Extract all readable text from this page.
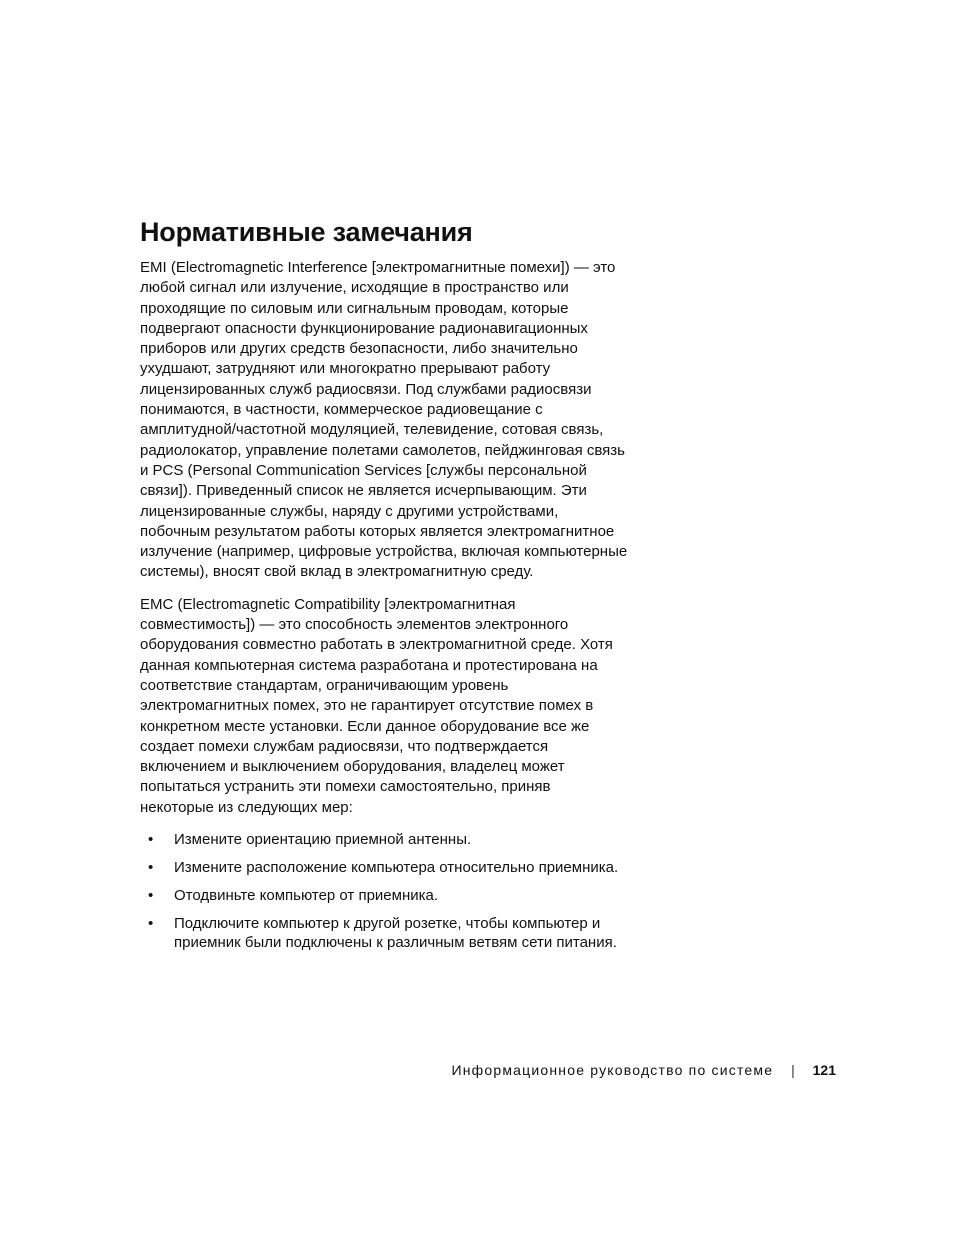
Нормативные замечания

EMI (Electromagnetic Interference [электромагнитные помехи]) — это любой сигнал или излучение, исходящие в пространство или проходящие по силовым или сигнальным проводам, которые подвергают опасности функционирование радионавигационных приборов или других средств безопасности, либо значительно ухудшают, затрудняют или многократно прерывают работу лицензированных служб радиосвязи. Под службами радиосвязи понимаются, в частности, коммерческое радиовещание с амплитудной/частотной модуляцией, телевидение, сотовая связь, радиолокатор, управление полетами самолетов, пейджинговая связь и PCS (Personal Communication Services [службы персональной связи]). Приведенный список не является исчерпывающим. Эти лицензированные службы, наряду с другими устройствами, побочным результатом работы которых является электромагнитное излучение (например, цифровые устройства, включая компьютерные системы), вносят свой вклад в электромагнитную среду.

EMC (Electromagnetic Compatibility [электромагнитная совместимость]) — это способность элементов электронного оборудования совместно работать в электромагнитной среде. Хотя данная компьютерная система разработана и протестирована на соответствие стандартам, ограничивающим уровень электромагнитных помех, это не гарантирует отсутствие помех в конкретном месте установки. Если данное оборудование все же создает помехи службам радиосвязи, что подтверждается включением и выключением оборудования, владелец может попытаться устранить эти помехи самостоятельно, приняв некоторые из следующих мер:

• Измените ориентацию приемной антенны.
• Измените расположение компьютера относительно приемника.
• Отодвиньте компьютер от приемника.
• Подключите компьютер к другой розетке, чтобы компьютер и приемник были подключены к различным ветвям сети питания.
Информационное руководство по системе | 121
